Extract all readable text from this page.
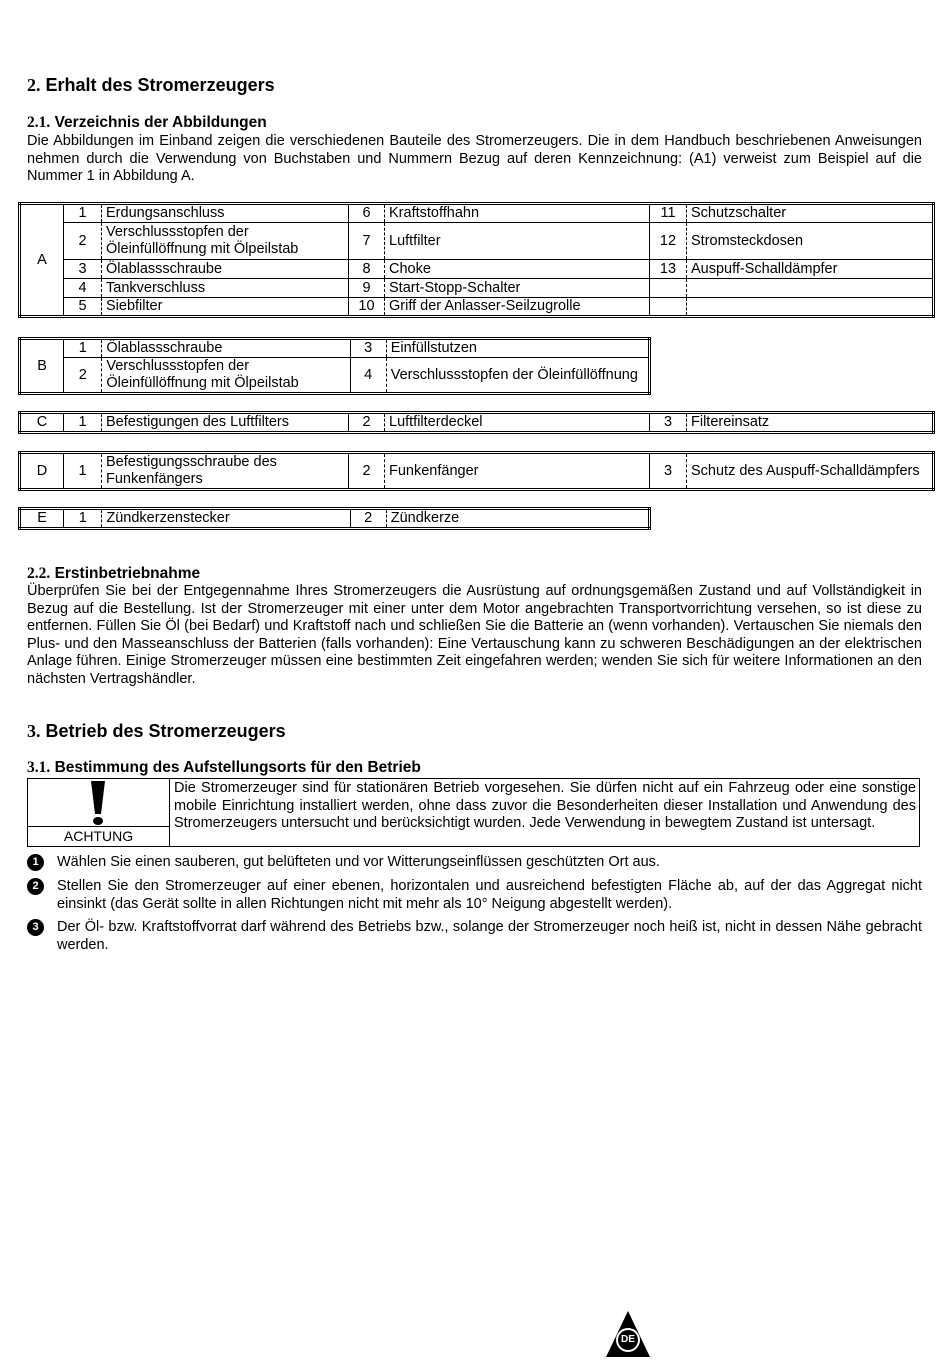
2. Erhalt des Stromerzeugers
2.1. Verzeichnis der Abbildungen

Die Abbildungen im Einband zeigen die verschiedenen Bauteile des Stromerzeugers. Die in dem Handbuch beschriebenen Anweisungen nehmen durch die Verwendung von Buchstaben und Nummern Bezug auf deren Kennzeichnung: (A1) verweist zum Beispiel auf die Nummer 1 in Abbildung A.

A	1	Erdungsanschluss	6	Kraftstoffhahn	11	Schutzschalter
	2	Verschlussstopfen der Öleinfüllöffnung mit Ölpeilstab	7	Luftfilter	12	Stromsteckdosen
	3	Ölablassschraube	8	Choke	13	Auspuff-Schalldämpfer
	4	Tankverschluss	9	Start-Stopp-Schalter		
	5	Siebfilter	10	Griff der Anlasser-Seilzugrolle		
B	1	Ölablassschraube	3	Einfüllstutzen
	2	Verschlussstopfen der Öleinfüllöffnung mit Ölpeilstab	4	Verschlussstopfen der Öleinfüllöffnung
C	1	Befestigungen des Luftfilters	2	Luftfilterdeckel	3	Filtereinsatz
D	1	Befestigungsschraube des Funkenfängers	2	Funkenfänger	3	Schutz des Auspuff-Schalldämpfers
E	1	Zündkerzenstecker	2	Zündkerze
2.2. Erstinbetriebnahme

Überprüfen Sie bei der Entgegennahme Ihres Stromerzeugers die Ausrüstung auf ordnungsgemäßen Zustand und auf Vollständigkeit in Bezug auf die Bestellung. Ist der Stromerzeuger mit einer unter dem Motor angebrachten Transportvorrichtung versehen, so ist diese zu entfernen. Füllen Sie Öl (bei Bedarf) und Kraftstoff nach und schließen Sie die Batterie an (wenn vorhanden). Vertauschen Sie niemals den Plus- und den Masseanschluss der Batterien (falls vorhanden): Eine Vertauschung kann zu schweren Beschädigungen an der elektrischen Anlage führen. Einige Stromerzeuger müssen eine bestimmten Zeit eingefahren werden; wenden Sie sich für weitere Informationen an den nächsten Vertragshändler.

3. Betrieb des Stromerzeugers
3.1. Bestimmung des Aufstellungsorts für den Betrieb
ACHTUNG
Die Stromerzeuger sind für stationären Betrieb vorgesehen. Sie dürfen nicht auf ein Fahrzeug oder eine sonstige mobile Einrichtung installiert werden, ohne dass zuvor die Besonderheiten dieser Installation und Anwendung des Stromerzeugers untersucht und berücksichtigt wurden. Jede Verwendung in bewegtem Zustand ist untersagt.
1	Wählen Sie einen sauberen, gut belüfteten und vor Witterungseinflüssen geschützten Ort aus.
2	Stellen Sie den Stromerzeuger auf einer ebenen, horizontalen und ausreichend befestigten Fläche ab, auf der das Aggregat nicht einsinkt (das Gerät sollte in allen Richtungen nicht mit mehr als 10° Neigung abgestellt werden).
3	Der Öl- bzw. Kraftstoffvorrat darf während des Betriebs bzw., solange der Stromerzeuger noch heiß ist, nicht in dessen Nähe gebracht werden.
DE
